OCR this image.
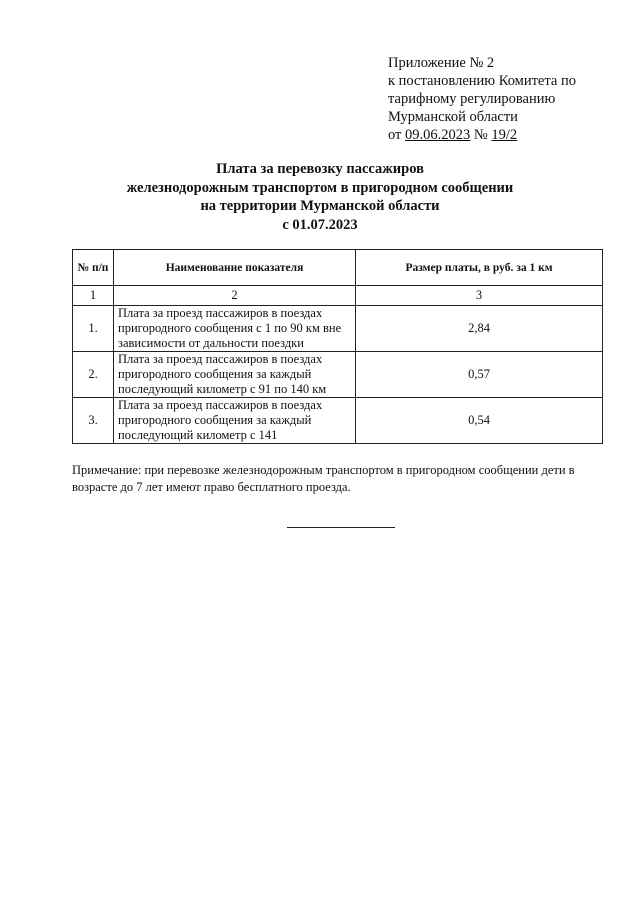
Приложение № 2
к постановлению Комитета по
тарифному регулированию
Мурманской области
от 09.06.2023 № 19/2
Плата за перевозку пассажиров
железнодорожным транспортом в пригородном сообщении
на территории Мурманской области
с 01.07.2023
№ п/п	Наименование показателя	Размер платы, в руб. за 1 км
1	2	3
1.	Плата за проезд пассажиров в поездах пригородного сообщения с 1 по 90 км вне зависимости от дальности поездки	2,84
2.	Плата за проезд пассажиров в поездах пригородного сообщения за каждый последующий километр с 91 по 140 км	0,57
3.	Плата за проезд пассажиров в поездах пригородного сообщения за каждый последующий километр с 141	0,54
Примечание: при перевозке железнодорожным транспортом в пригородном сообщении дети в возрасте до 7 лет имеют право бесплатного проезда.
